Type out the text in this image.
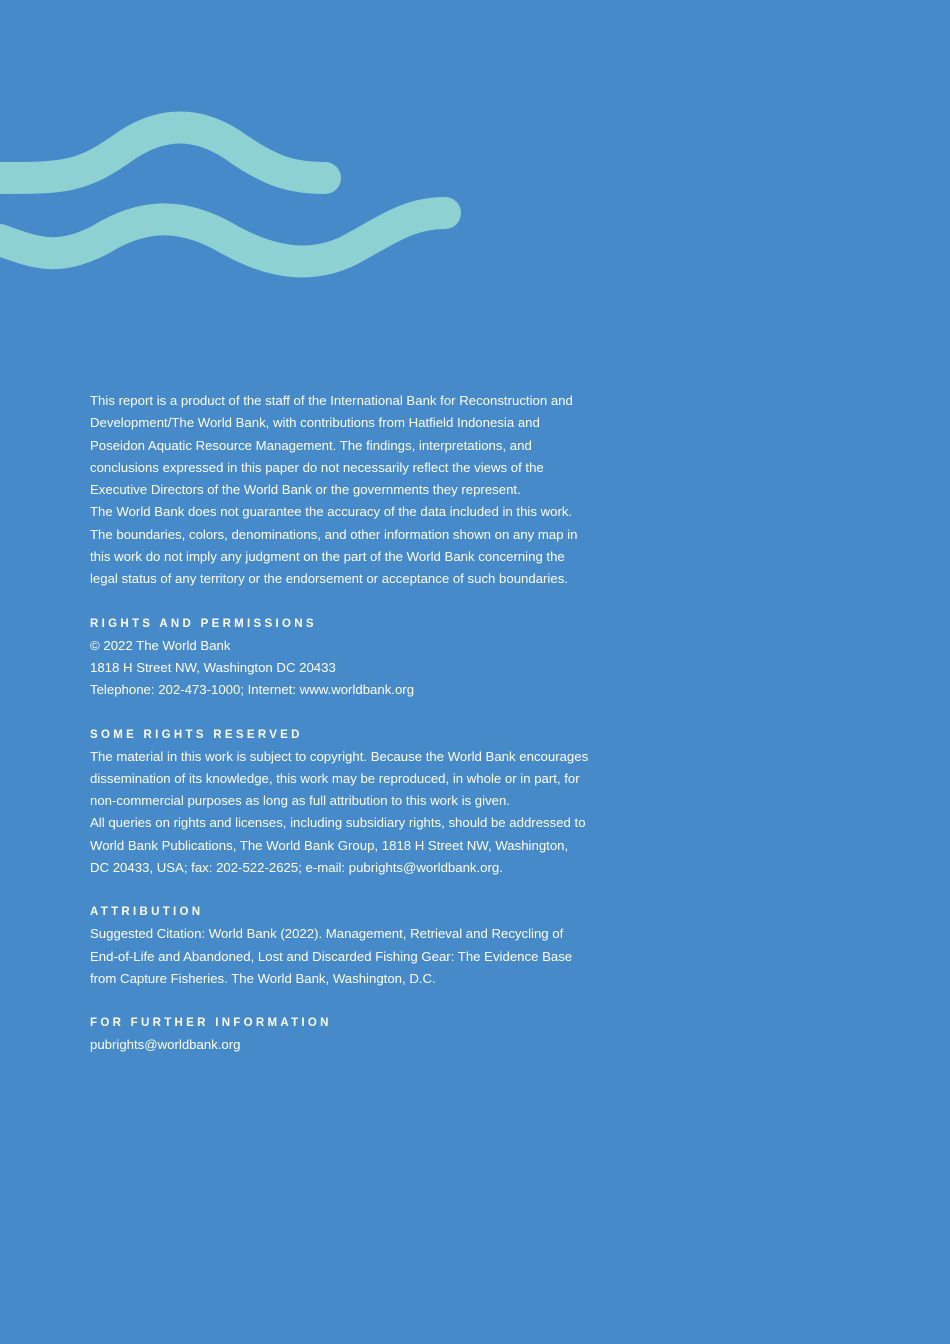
This report is a product of the staff of the International Bank for Reconstruction and Development/The World Bank, with contributions from Hatfield Indonesia and Poseidon Aquatic Resource Management. The findings, interpretations, and conclusions expressed in this paper do not necessarily reflect the views of the Executive Directors of the World Bank or the governments they represent.

The World Bank does not guarantee the accuracy of the data included in this work. The boundaries, colors, denominations, and other information shown on any map in this work do not imply any judgment on the part of the World Bank concerning the legal status of any territory or the endorsement or acceptance of such boundaries.

RIGHTS AND PERMISSIONS

© 2022 The World Bank

1818 H Street NW, Washington DC 20433

Telephone: 202-473-1000; Internet: www.worldbank.org

SOME RIGHTS RESERVED

The material in this work is subject to copyright. Because the World Bank encourages dissemination of its knowledge, this work may be reproduced, in whole or in part, for non-commercial purposes as long as full attribution to this work is given.

All queries on rights and licenses, including subsidiary rights, should be addressed to World Bank Publications, The World Bank Group, 1818 H Street NW, Washington, DC 20433, USA; fax: 202-522-2625; e-mail: pubrights@worldbank.org.

ATTRIBUTION

Suggested Citation: World Bank (2022). Management, Retrieval and Recycling of End-of-Life and Abandoned, Lost and Discarded Fishing Gear: The Evidence Base from Capture Fisheries. The World Bank, Washington, D.C.

FOR FURTHER INFORMATION

pubrights@worldbank.org
